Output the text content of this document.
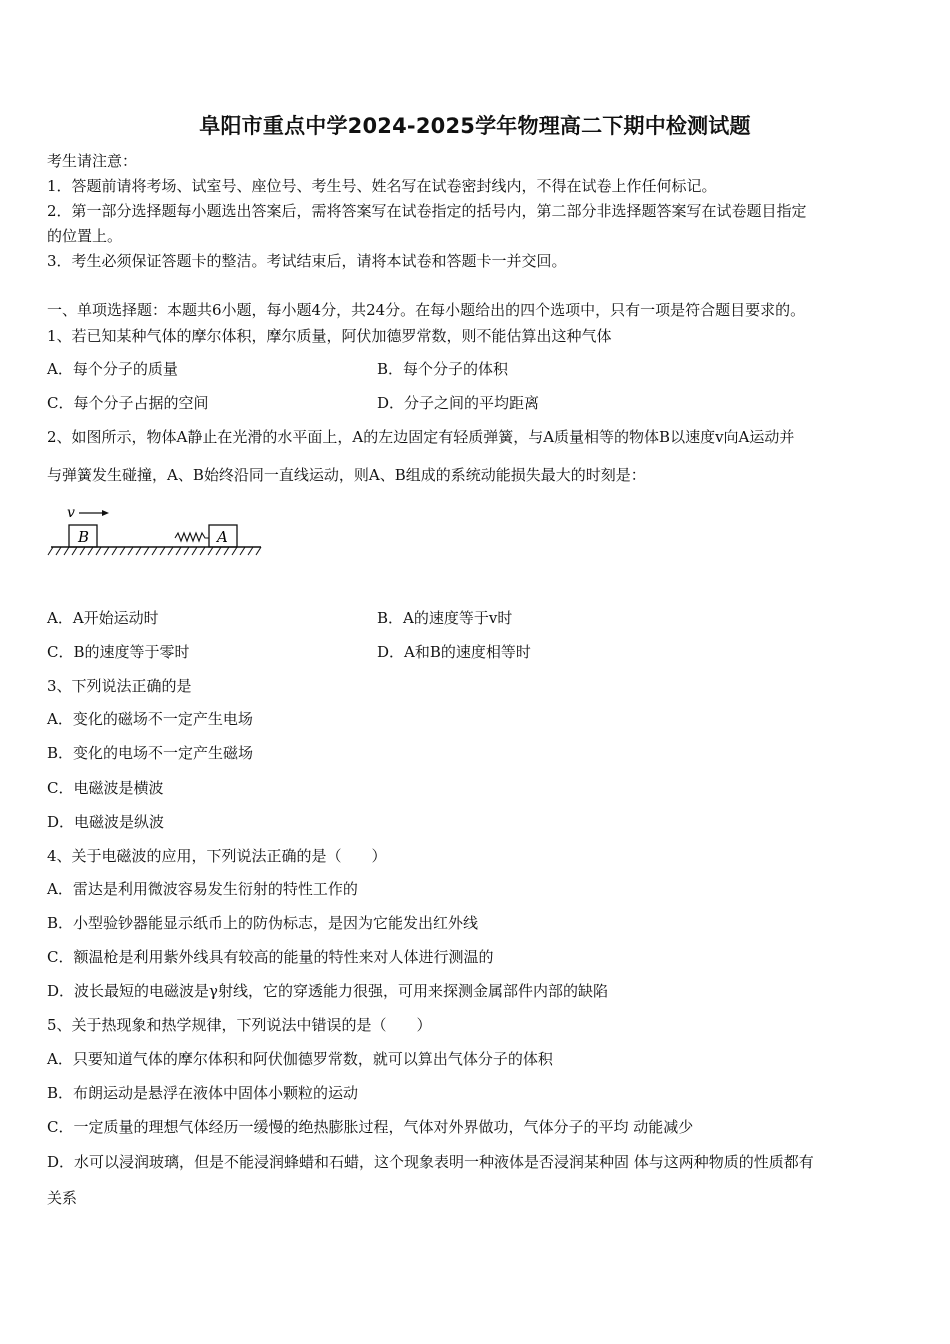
阜阳市重点中学2024-2025学年物理高二下期中检测试题
考生请注意：
1．答题前请将考场、试室号、座位号、考生号、姓名写在试卷密封线内，不得在试卷上作任何标记。
2．第一部分选择题每小题选出答案后，需将答案写在试卷指定的括号内，第二部分非选择题答案写在试卷题目指定
的位置上。
3．考生必须保证答题卡的整洁。考试结束后，请将本试卷和答题卡一并交回。
一、单项选择题：本题共6小题，每小题4分，共24分。在每小题给出的四个选项中，只有一项是符合题目要求的。
1、若已知某种气体的摩尔体积，摩尔质量，阿伏加德罗常数，则不能估算出这种气体
A．每个分子的质量	B．每个分子的体积
C．每个分子占据的空间	D．分子之间的平均距离
2、如图所示，物体A静止在光滑的水平面上，A的左边固定有轻质弹簧，与A质量相等的物体B以速度v向A运动并
与弹簧发生碰撞，A、B始终沿同一直线运动，则A、B组成的系统动能损失最大的时刻是：
v
B	A
A．A开始运动时	B．A的速度等于v时
C．B的速度等于零时	D．A和B的速度相等时
3、下列说法正确的是
A．变化的磁场不一定产生电场
B．变化的电场不一定产生磁场
C．电磁波是横波
D．电磁波是纵波
4、关于电磁波的应用，下列说法正确的是（　　）
A．雷达是利用微波容易发生衍射的特性工作的
B．小型验钞器能显示纸币上的防伪标志，是因为它能发出红外线
C．额温枪是利用紫外线具有较高的能量的特性来对人体进行测温的
D．波长最短的电磁波是γ射线，它的穿透能力很强，可用来探测金属部件内部的缺陷
5、关于热现象和热学规律，下列说法中错误的是（　　）
A．只要知道气体的摩尔体积和阿伏伽德罗常数，就可以算出气体分子的体积
B．布朗运动是悬浮在液体中固体小颗粒的运动
C．一定质量的理想气体经历一缓慢的绝热膨胀过程，气体对外界做功，气体分子的平均 动能减少
D．水可以浸润玻璃，但是不能浸润蜂蜡和石蜡，这个现象表明一种液体是否浸润某种固 体与这两种物质的性质都有
关系
